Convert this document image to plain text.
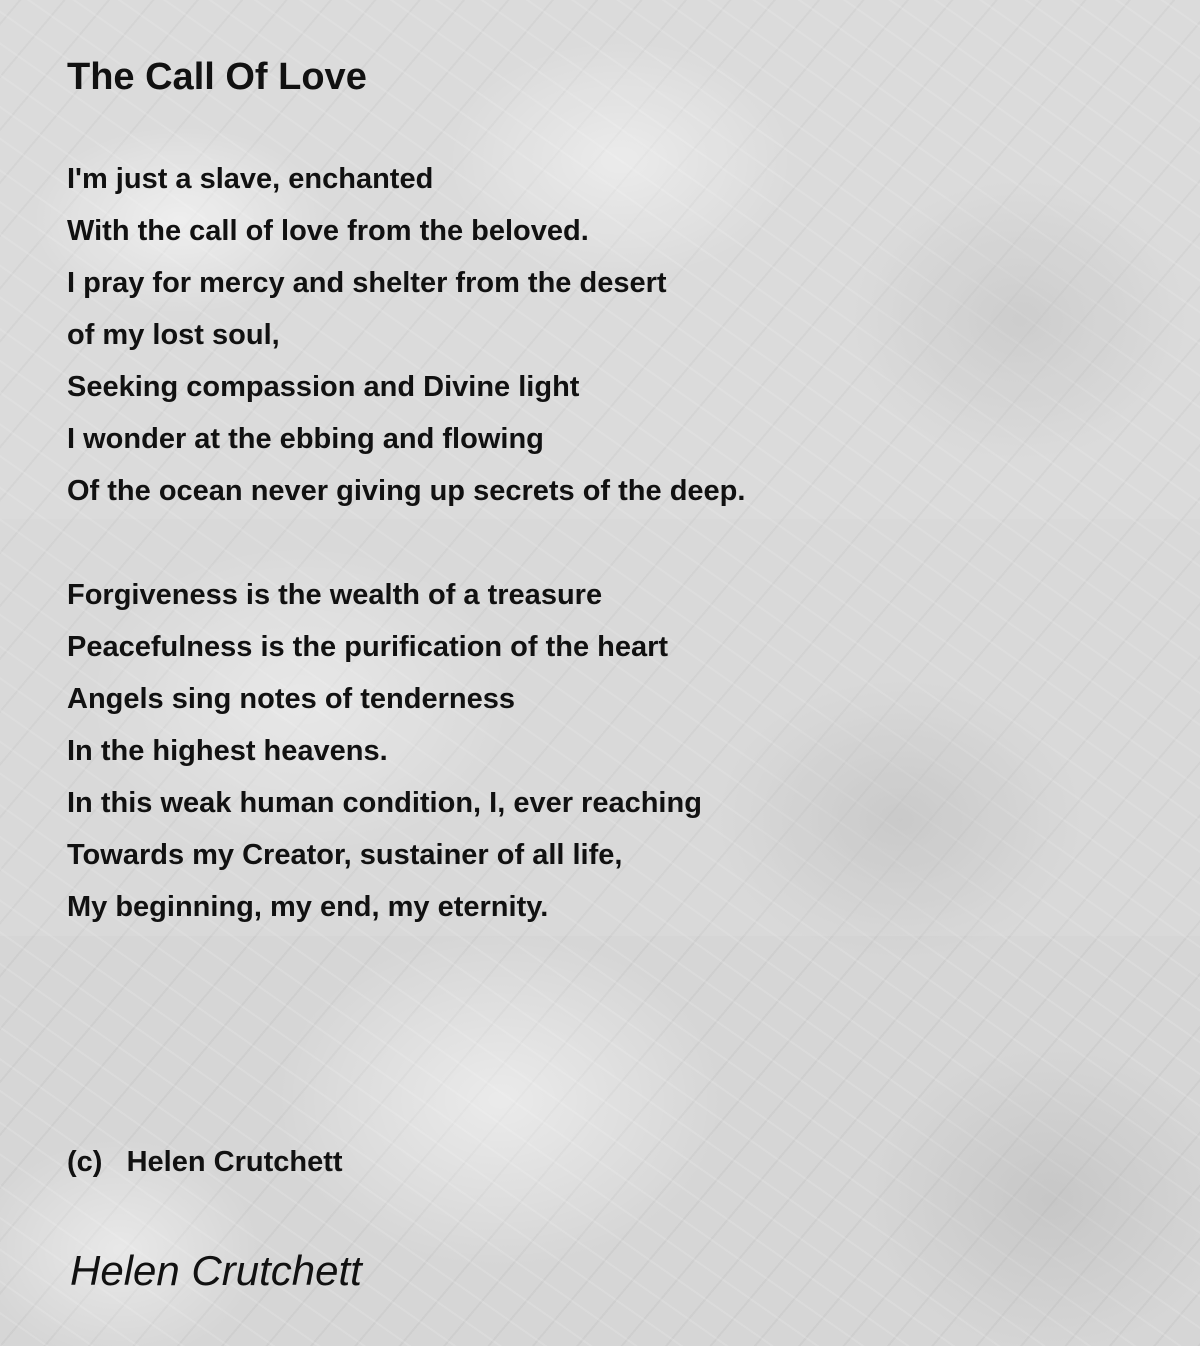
The Call Of Love
I'm just a slave, enchanted
With the call of love from the beloved.
I pray for mercy and shelter from the desert
of my lost soul,
Seeking compassion and Divine light
I wonder at the ebbing and flowing
Of the ocean never giving up secrets of the deep.
Forgiveness is the wealth of a treasure
Peacefulness is the purification of the heart
Angels sing notes of tenderness
In the highest heavens.
In this weak human condition, I, ever reaching
Towards my Creator, sustainer of all life,
My beginning, my end, my eternity.
(c)   Helen Crutchett
Helen Crutchett
